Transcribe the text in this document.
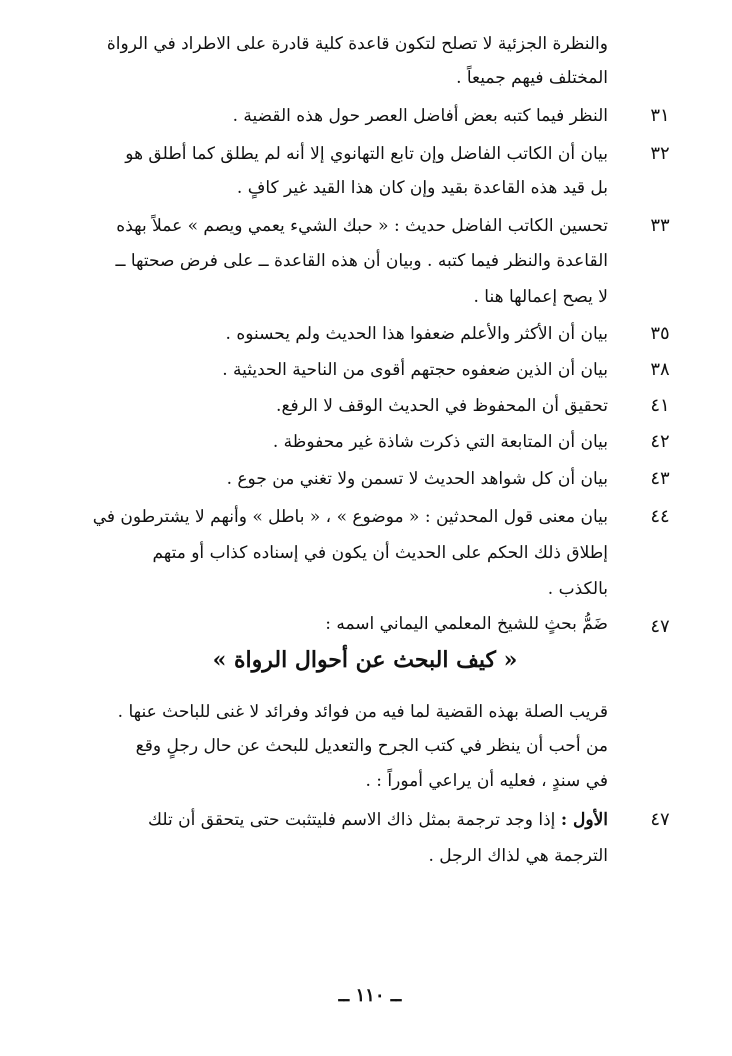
والنظرة الجزئية لا تصلح لتكون قاعدة كلية قادرة على الاطراد في الرواة
المختلف فيهم جميعاً .
٣١
النظر فيما كتبه بعض أفاضل العصر حول هذه القضية .
٣٢
بيان أن الكاتب الفاضل وإن تابع التهانوي إلا أنه لم يطلق كما أطلق هو
بل قيد هذه القاعدة بقيد وإن كان هذا القيد غير كافٍ .
٣٣
تحسين الكاتب الفاضل حديث : « حبك الشيء يعمي ويصم » عملاً بهذه
القاعدة والنظر فيما كتبه . وبيان أن هذه القاعدة ــ على فرض صحتها ــ
لا يصح إعمالها هنا .
٣٥
بيان أن الأكثر والأعلم ضعفوا هذا الحديث ولم يحسنوه .
٣٨
بيان أن الذين ضعفوه حجتهم أقوى من الناحية الحديثية .
٤١
تحقيق أن المحفوظ في الحديث الوقف لا الرفع.
٤٢
بيان أن المتابعة التي ذكرت شاذة غير محفوظة .
٤٣
بيان أن كل شواهد الحديث لا تسمن ولا تغني من جوع .
٤٤
بيان معنى قول المحدثين : « موضوع » ، « باطل » وأنهم لا يشترطون في
إطلاق ذلك الحكم على الحديث أن يكون في إسناده كذاب أو متهم
بالكذب .
٤٧
ضَمُّ بحثٍ للشيخ المعلمي اليماني اسمه :
« كيف البحث عن أحوال الرواة »
قريب الصلة بهذه القضية لما فيه من فوائد وفرائد لا غنى للباحث عنها .
من أحب أن ينظر في كتب الجرح والتعديل للبحث عن حال رجلٍ وقع
في سندٍ ، فعليه أن يراعي أموراً : .
٤٧
الأول : إذا وجد ترجمة بمثل ذاك الاسم فليتثبت حتى يتحقق أن تلك
الترجمة هي لذاك الرجل .
ــ ١١٠ ــ
